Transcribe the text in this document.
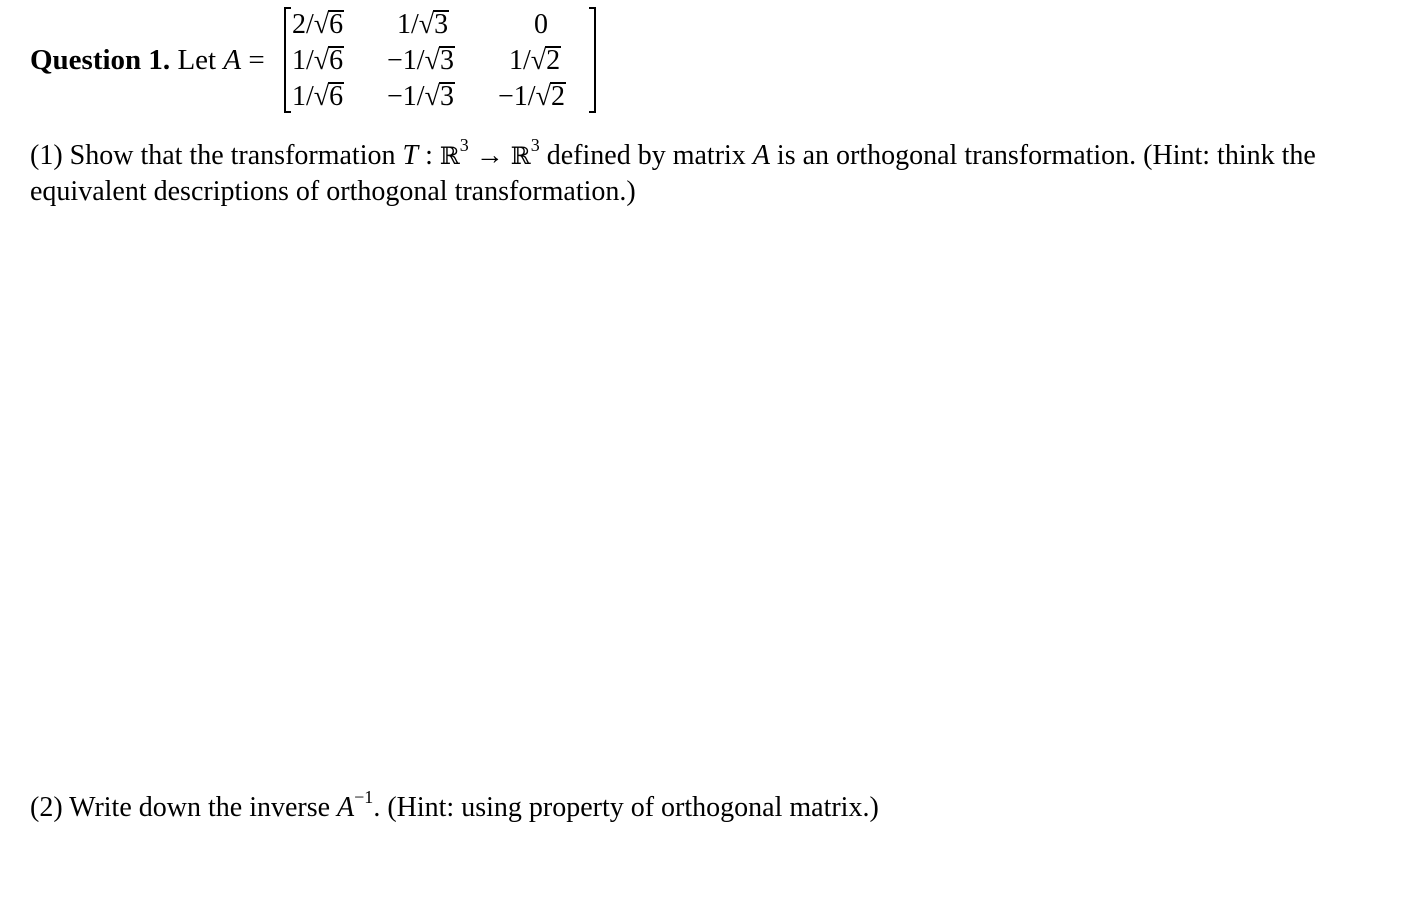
Question 1. Let A =
2/√6 1/√3	0
1/√6 −1/√3 1/√2
1/√6 −1/√3 −1/√2
(1) Show that the transformation T : ℝ$^3$ → ℝ$^3$ defined by matrix A is an orthogonal transformation. (Hint: think the equivalent descriptions of orthogonal transformation.)
(2) Write down the inverse $A^{-1}$. (Hint: using property of orthogonal matrix.)
